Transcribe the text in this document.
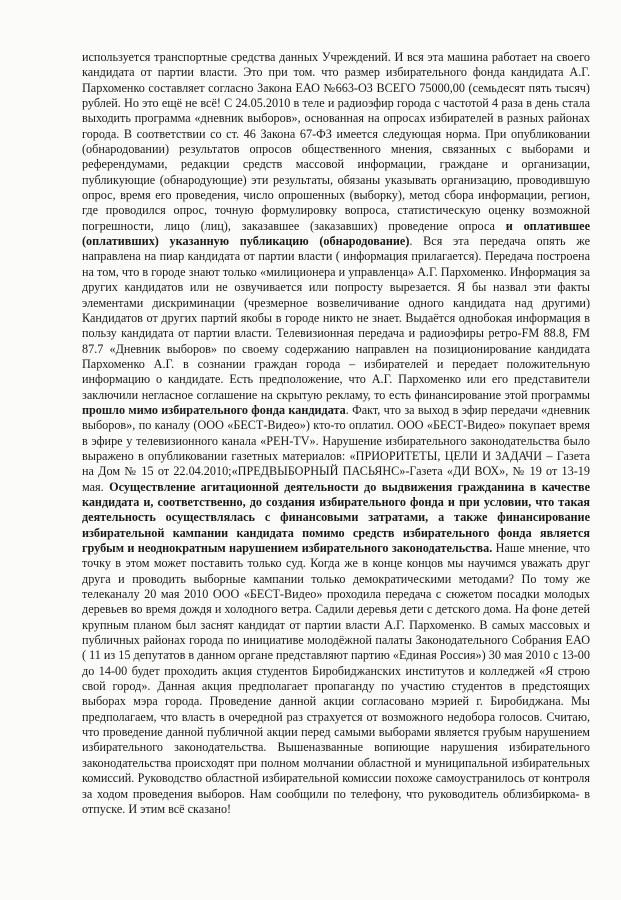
используется транспортные средства данных Учреждений. И вся эта машина работает на своего кандидата от партии власти. Это при том. что размер избирательного фонда кандидата А.Г. Пархоменко составляет согласно Закона ЕАО №663-ОЗ ВСЕГО 75000,00 (семьдесят пять тысяч) рублей. Но это ещё не всё! С 24.05.2010 в теле и радиоэфир города с частотой 4 раза в день стала выходить программа «дневник выборов», основанная на опросах избирателей в разных районах города. В соответствии со ст. 46 Закона 67-ФЗ имеется следующая норма. При опубликовании (обнародовании) результатов опросов общественного мнения, связанных с выборами и референдумами, редакции средств массовой информации, граждане и организации, публикующие (обнародующие) эти результаты, обязаны указывать организацию, проводившую опрос, время его проведения, число опрошенных (выборку), метод сбора информации, регион, где проводился опрос, точную формулировку вопроса, статистическую оценку возможной погрешности, лицо (лиц), заказавшее (заказавших) проведение опроса и оплатившее (оплативших) указанную публикацию (обнародование). Вся эта передача опять же направлена на пиар кандидата от партии власти ( информация прилагается). Передача построена на том, что в городе знают только «милиционера и управленца» А.Г. Пархоменко. Информация за других кандидатов или не озвучивается или попросту вырезается. Я бы назвал эти факты элементами дискриминации (чрезмерное возвеличивание одного кандидата над другими) Кандидатов от других партий якобы в городе никто не знает. Выдаётся однобокая информация в пользу кандидата от партии власти. Телевизионная передача и радиоэфиры ретро-FM 88.8, FM 87.7 «Дневник выборов» по своему содержанию направлен на позиционирование кандидата Пархоменко А.Г. в сознании граждан города – избирателей и передает положительную информацию о кандидате. Есть предположение, что А.Г. Пархоменко или его представители заключили негласное соглашение на скрытую рекламу, то есть финансирование этой программы прошло мимо избирательного фонда кандидата. Факт, что за выход в эфир передачи «дневник выборов», по каналу (ООО «БЕСТ-Видео») кто-то оплатил. ООО «БЕСТ-Видео» покупает время в эфире у телевизионного канала «РЕН-TV». Нарушение избирательного законодательства было выражено в опубликовании газетных материалов: «ПРИОРИТЕТЫ, ЦЕЛИ И ЗАДАЧИ – Газета на Дом № 15 от 22.04.2010;«ПРЕДВЫБОРНЫЙ ПАСЬЯНС»-Газета «ДИ ВОХ», № 19 от 13-19 мая. Осуществление агитационной деятельности до выдвижения гражданина в качестве кандидата и, соответственно, до создания избирательного фонда и при условии, что такая деятельность осуществлялась с финансовыми затратами, а также финансирование избирательной кампании кандидата помимо средств избирательного фонда является грубым и неоднократным нарушением избирательного законодательства. Наше мнение, что точку в этом может поставить только суд. Когда же в конце концов мы научимся уважать друг друга и проводить выборные кампании только демократическими методами? По тому же телеканалу 20 мая 2010 ООО «БЕСТ-Видео» проходила передача с сюжетом посадки молодых деревьев во время дождя и холодного ветра. Садили деревья дети с детского дома. На фоне детей крупным планом был заснят кандидат от партии власти А.Г. Пархоменко. В самых массовых и публичных районах города по инициативе молодёжной палаты Законодательного Собрания ЕАО ( 11 из 15 депутатов в данном органе представляют партию «Единая Россия») 30 мая 2010 с 13-00 до 14-00 будет проходить акция студентов Биробиджанских институтов и колледжей «Я строю свой город». Данная акция предполагает пропаганду по участию студентов в предстоящих выборах мэра города. Проведение данной акции согласовано мэрией г. Биробиджана. Мы предполагаем, что власть в очередной раз страхуется от возможного недобора голосов. Считаю, что проведение данной публичной акции перед самыми выборами является грубым нарушением избирательного законодательства. Вышеназванные вопиющие нарушения избирательного законодательства происходят при полном молчании областной и муниципальной избирательных комиссий. Руководство областной избирательной комиссии похоже самоустранилось от контроля за ходом проведения выборов. Нам сообщили по телефону, что руководитель облизбиркома- в отпуске. И этим всё сказано!
